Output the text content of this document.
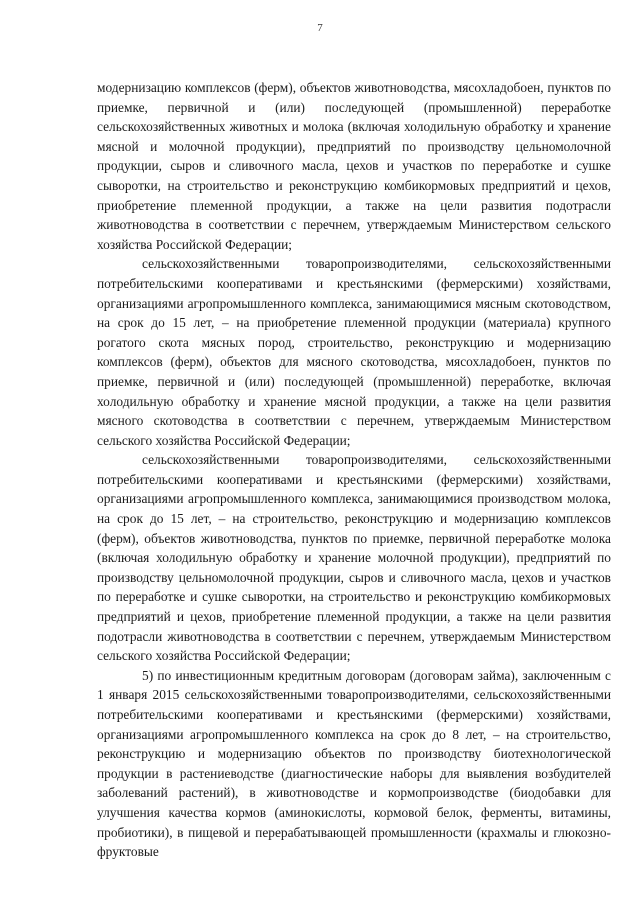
7

модернизацию комплексов (ферм), объектов животноводства, мясохладобоен, пунктов по приемке, первичной и (или) последующей (промышленной) переработке сельскохозяйственных животных и молока (включая холодильную обработку и хранение мясной и молочной продукции), предприятий по производству цельномолочной продукции, сыров и сливочного масла, цехов и участков по переработке и сушке сыворотки, на строительство и реконструкцию комбикормовых предприятий и цехов, приобретение племенной продукции, а также на цели развития подотрасли животноводства в соответствии с перечнем, утверждаемым Министерством сельского хозяйства Российской Федерации;

сельскохозяйственными товаропроизводителями, сельскохозяйственными потребительскими кооперативами и крестьянскими (фермерскими) хозяйствами, организациями агропромышленного комплекса, занимающимися мясным скотоводством, на срок до 15 лет, – на приобретение племенной продукции (материала) крупного рогатого скота мясных пород, строительство, реконструкцию и модернизацию комплексов (ферм), объектов для мясного скотоводства, мясохладобоен, пунктов по приемке, первичной и (или) последующей (промышленной) переработке, включая холодильную обработку и хранение мясной продукции, а также на цели развития мясного скотоводства в соответствии с перечнем, утверждаемым Министерством сельского хозяйства Российской Федерации;

сельскохозяйственными товаропроизводителями, сельскохозяйственными потребительскими кооперативами и крестьянскими (фермерскими) хозяйствами, организациями агропромышленного комплекса, занимающимися производством молока, на срок до 15 лет, – на строительство, реконструкцию и модернизацию комплексов (ферм), объектов животноводства, пунктов по приемке, первичной переработке молока (включая холодильную обработку и хранение молочной продукции), предприятий по производству цельномолочной продукции, сыров и сливочного масла, цехов и участков по переработке и сушке сыворотки, на строительство и реконструкцию комбикормовых предприятий и цехов, приобретение племенной продукции, а также на цели развития подотрасли животноводства в соответствии с перечнем, утверждаемым Министерством сельского хозяйства Российской Федерации;

5) по инвестиционным кредитным договорам (договорам займа), заключенным с 1 января 2015 сельскохозяйственными товаропроизводителями, сельскохозяйственными потребительскими кооперативами и крестьянскими (фермерскими) хозяйствами, организациями агропромышленного комплекса на срок до 8 лет, – на строительство, реконструкцию и модернизацию объектов по производству биотехнологической продукции в растениеводстве (диагностические наборы для выявления возбудителей заболеваний растений), в животноводстве и кормопроизводстве (биодобавки для улучшения качества кормов (аминокислоты, кормовой белок, ферменты, витамины, пробиотики), в пищевой и перерабатывающей промышленности (крахмалы и глюкозно-фруктовые
